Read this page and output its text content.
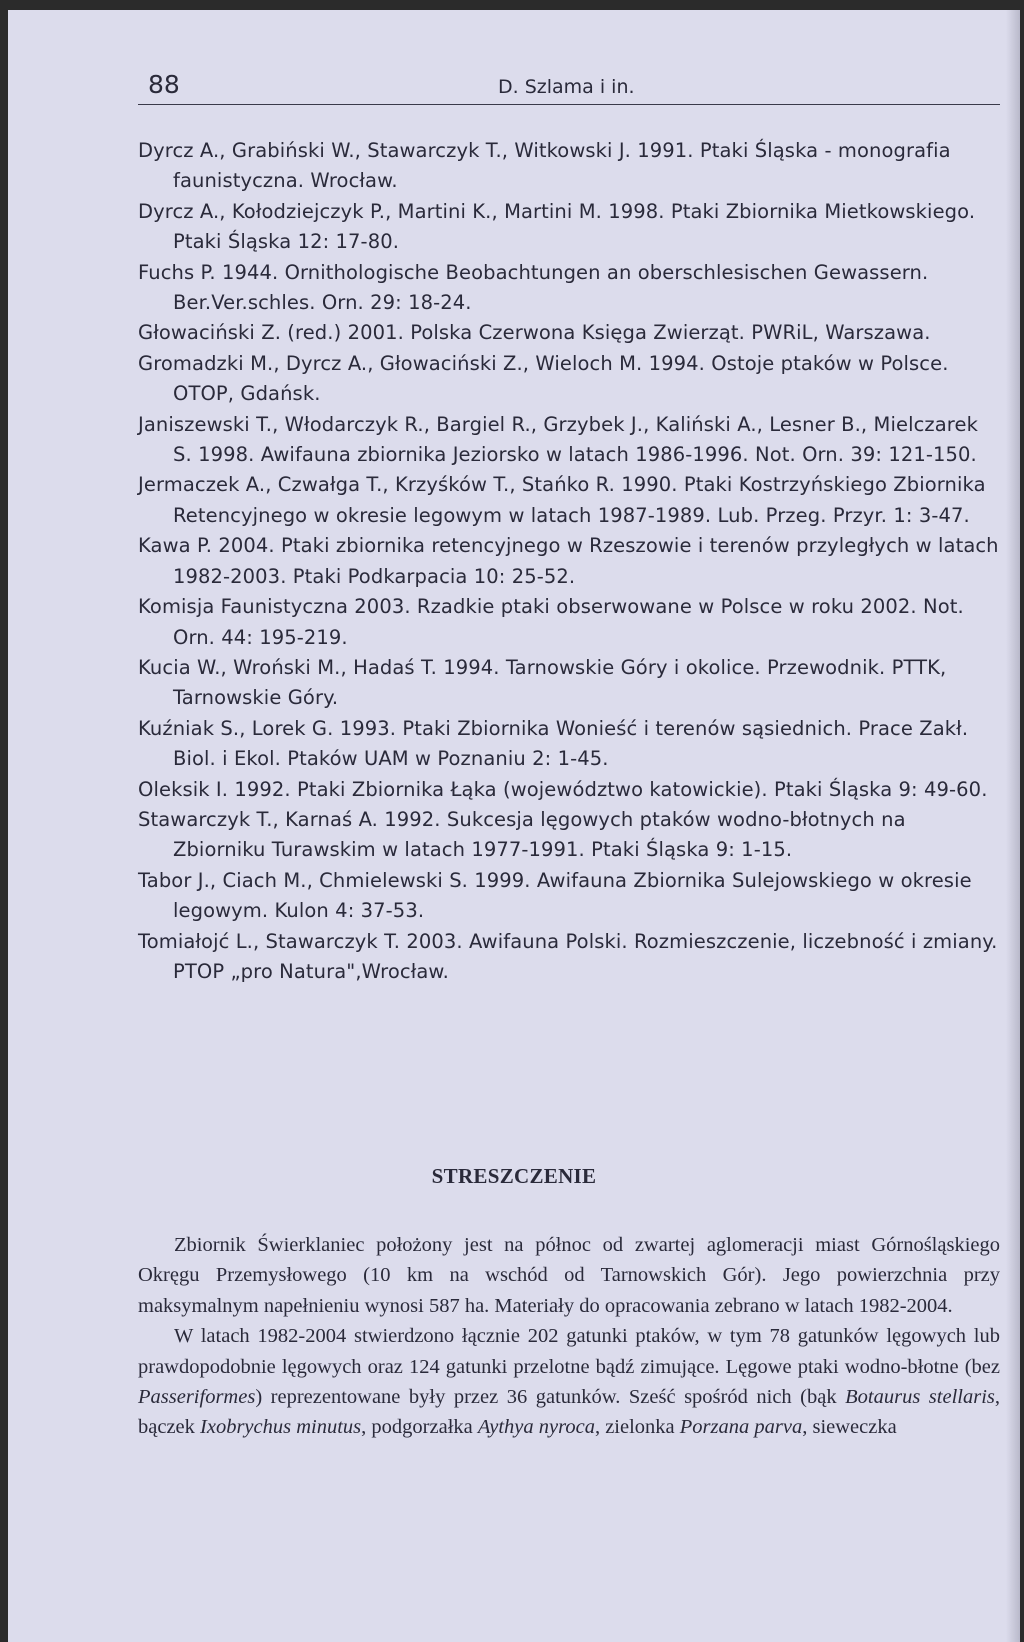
88	D. Szlama i in.

Dyrcz A., Grabiński W., Stawarczyk T., Witkowski J. 1991. Ptaki Śląska - monografia faunistyczna. Wrocław.

Dyrcz A., Kołodziejczyk P., Martini K., Martini M. 1998. Ptaki Zbiornika Mietkowskiego. Ptaki Śląska 12: 17-80.

Fuchs P. 1944. Ornithologische Beobachtungen an oberschlesischen Gewassern. Ber.Ver.schles. Orn. 29: 18-24.

Głowaciński Z. (red.) 2001. Polska Czerwona Księga Zwierząt. PWRiL, Warszawa.

Gromadzki M., Dyrcz A., Głowaciński Z., Wieloch M. 1994. Ostoje ptaków w Polsce. OTOP, Gdańsk.

Janiszewski T., Włodarczyk R., Bargiel R., Grzybek J., Kaliński A., Lesner B., Mielczarek S. 1998. Awifauna zbiornika Jeziorsko w latach 1986-1996. Not. Orn. 39: 121-150.

Jermaczek A., Czwałga T., Krzyśków T., Stańko R. 1990. Ptaki Kostrzyńskiego Zbiornika Retencyjnego w okresie legowym w latach 1987-1989. Lub. Przeg. Przyr. 1: 3-47.

Kawa P. 2004. Ptaki zbiornika retencyjnego w Rzeszowie i terenów przyległych w latach 1982-2003. Ptaki Podkarpacia 10: 25-52.

Komisja Faunistyczna 2003. Rzadkie ptaki obserwowane w Polsce w roku 2002. Not. Orn. 44: 195-219.

Kucia W., Wroński M., Hadaś T. 1994. Tarnowskie Góry i okolice. Przewodnik. PTTK, Tarnowskie Góry.

Kuźniak S., Lorek G. 1993. Ptaki Zbiornika Wonieść i terenów sąsiednich. Prace Zakł. Biol. i Ekol. Ptaków UAM w Poznaniu 2: 1-45.

Oleksik I. 1992. Ptaki Zbiornika Łąka (województwo katowickie). Ptaki Śląska 9: 49-60.

Stawarczyk T., Karnaś A. 1992. Sukcesja lęgowych ptaków wodno-błotnych na Zbiorniku Turawskim w latach 1977-1991. Ptaki Śląska 9: 1-15.

Tabor J., Ciach M., Chmielewski S. 1999. Awifauna Zbiornika Sulejowskiego w okresie legowym. Kulon 4: 37-53.

Tomiałojć L., Stawarczyk T. 2003. Awifauna Polski. Rozmieszczenie, liczebność i zmiany. PTOP „pro Natura",Wrocław.

STRESZCZENIE

Zbiornik Świerklaniec położony jest na północ od zwartej aglomeracji miast Górnośląskiego Okręgu Przemysłowego (10 km na wschód od Tarnowskich Gór). Jego powierzchnia przy maksymalnym napełnieniu wynosi 587 ha. Materiały do opracowania zebrano w latach 1982-2004.

W latach 1982-2004 stwierdzono łącznie 202 gatunki ptaków, w tym 78 gatunków lęgowych lub prawdopodobnie lęgowych oraz 124 gatunki przelotne bądź zimujące. Lęgowe ptaki wodno-błotne (bez Passeriformes) reprezentowane były przez 36 gatunków. Sześć spośród nich (bąk Botaurus stellaris, bączek Ixobrychus minutus, podgorzałka Aythya nyroca, zielonka Porzana parva, sieweczka
